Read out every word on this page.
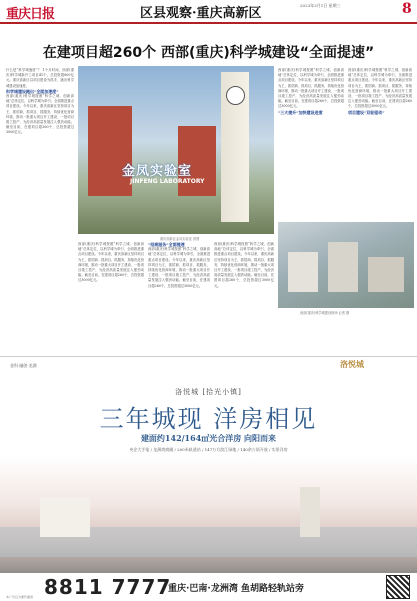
重庆日报	区县观察·重庆高新区
2023年3月1日 星期三	8
在建项目超260个 西部(重庆)科学城建设“全面提速”
什么是“科学城速度”？ 1个月时间，西部(重庆)科学城新开工项目41个，总投资超800亿元。重庆高新区以项目建设为抓手，跑出科学城建设加速度。
科学城建设跑出“全面加速度”
西部(重庆)科学城按照“科学之城、创新高地”总体定位，以科学城为牵引，全面推进重点项目建设。今年以来，重庆高新区坚持项目为王，抓招商、抓项目、抓服务，持续优化营商环境，推动一批重大项目开工建设、一批项目竣工投产，为经济高质量发展注入强劲动能。截至目前，在建项目超260个，总投资超过3000亿元。
金凤实验室
JINFENG LABORATORY
重庆高新区金凤实验室 供图
西部(重庆)科学城按照“科学之城、创新高地”总体定位，以科学城为牵引，全面推进重点项目建设。今年以来，重庆高新区坚持项目为王，抓招商、抓项目、抓服务，持续优化营商环境，推动一批重大项目开工建设、一批项目竣工投产，为经济高质量发展注入强劲动能。截至目前，在建项目超260个，总投资超过3000亿元。
“招商服务”全面提速
西部(重庆)科学城按照“科学之城、创新高地”总体定位，以科学城为牵引，全面推进重点项目建设。今年以来，重庆高新区坚持项目为王，抓招商、抓项目、抓服务，持续优化营商环境，推动一批重大项目开工建设、一批项目竣工投产，为经济高质量发展注入强劲动能。截至目前，在建项目超260个，总投资超过3000亿元。
西部(重庆)科学城按照“科学之城、创新高地”总体定位，以科学城为牵引，全面推进重点项目建设。今年以来，重庆高新区坚持项目为王，抓招商、抓项目、抓服务，持续优化营商环境，推动一批重大项目开工建设、一批项目竣工投产，为经济高质量发展注入强劲动能。截至目前，在建项目超260个，总投资超过3000亿元。
西部(重庆)科学城按照“科学之城、创新高地”总体定位，以科学城为牵引，全面推进重点项目建设。今年以来，重庆高新区坚持项目为王，抓招商、抓项目、抓服务，持续优化营商环境，推动一批重大项目开工建设、一批项目竣工投产，为经济高质量发展注入强劲动能。截至目前，在建项目超260个，总投资超过3000亿元。
“三大提升”加快建设进度
西部(重庆)科学城按照“科学之城、创新高地”总体定位，以科学城为牵引，全面推进重点项目建设。今年以来，重庆高新区坚持项目为王，抓招商、抓项目、抓服务，持续优化营商环境，推动一批重大项目开工建设、一批项目竣工投产，为经济高质量发展注入强劲动能。截至目前，在建项目超260个，总投资超过3000亿元。
项目建设“双轮驱动”
西部(重庆)科学城建设现场 记者 摄
金科·融创·龙湖	洛悦城
洛悦城 [拾光小镇]
三年城现 洋房相见
建面约142/164㎡光合洋房 向阳而来
央企大手笔 / 龙洲湾商圈 / 200米轨道站 / 147万方滨江绿地 / 140余公顷开放 / 实景洋房
8811 7777
重庆·巴南·龙洲湾 鱼胡路轻轨站旁
本广告仅为要约邀请
